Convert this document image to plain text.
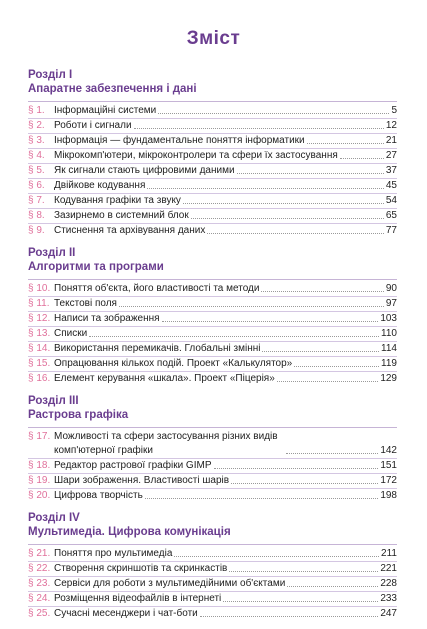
Зміст
Розділ I
Апаратне забезпечення і дані
§ 1. Інформаційні системи	5
§ 2. Роботи і сигнали	12
§ 3. Інформація — фундаментальне поняття інформатики	21
§ 4. Мікрокомп'ютери, мікроконтролери та сфери їх застосування	27
§ 5. Як сигнали стають цифровими даними	37
§ 6. Двійкове кодування	45
§ 7. Кодування графіки та звуку	54
§ 8. Зазирнемо в системний блок	65
§ 9. Стиснення та архівування даних	77
Розділ II
Алгоритми та програми
§ 10. Поняття об'єкта, його властивості та методи	90
§ 11. Текстові поля	97
§ 12. Написи та зображення	103
§ 13. Списки	110
§ 14. Використання перемикачів. Глобальні змінні	114
§ 15. Опрацювання кількох подій. Проект «Калькулятор»	119
§ 16. Елемент керування «шкала». Проект «Піцерія»	129
Розділ III
Растрова графіка
§ 17. Можливості та сфери застосування різних видів комп'ютерної графіки	142
§ 18. Редактор растрової графіки GIMP	151
§ 19. Шари зображення. Властивості шарів	172
§ 20. Цифрова творчість	198
Розділ IV
Мультимедіа. Цифрова комунікація
§ 21. Поняття про мультимедіа	211
§ 22. Створення скриншотів та скринкастів	221
§ 23. Сервіси для роботи з мультимедійними об'єктами	228
§ 24. Розміщення відеофайлів в інтернеті	233
§ 25. Сучасні месенджери і чат-боти	247
